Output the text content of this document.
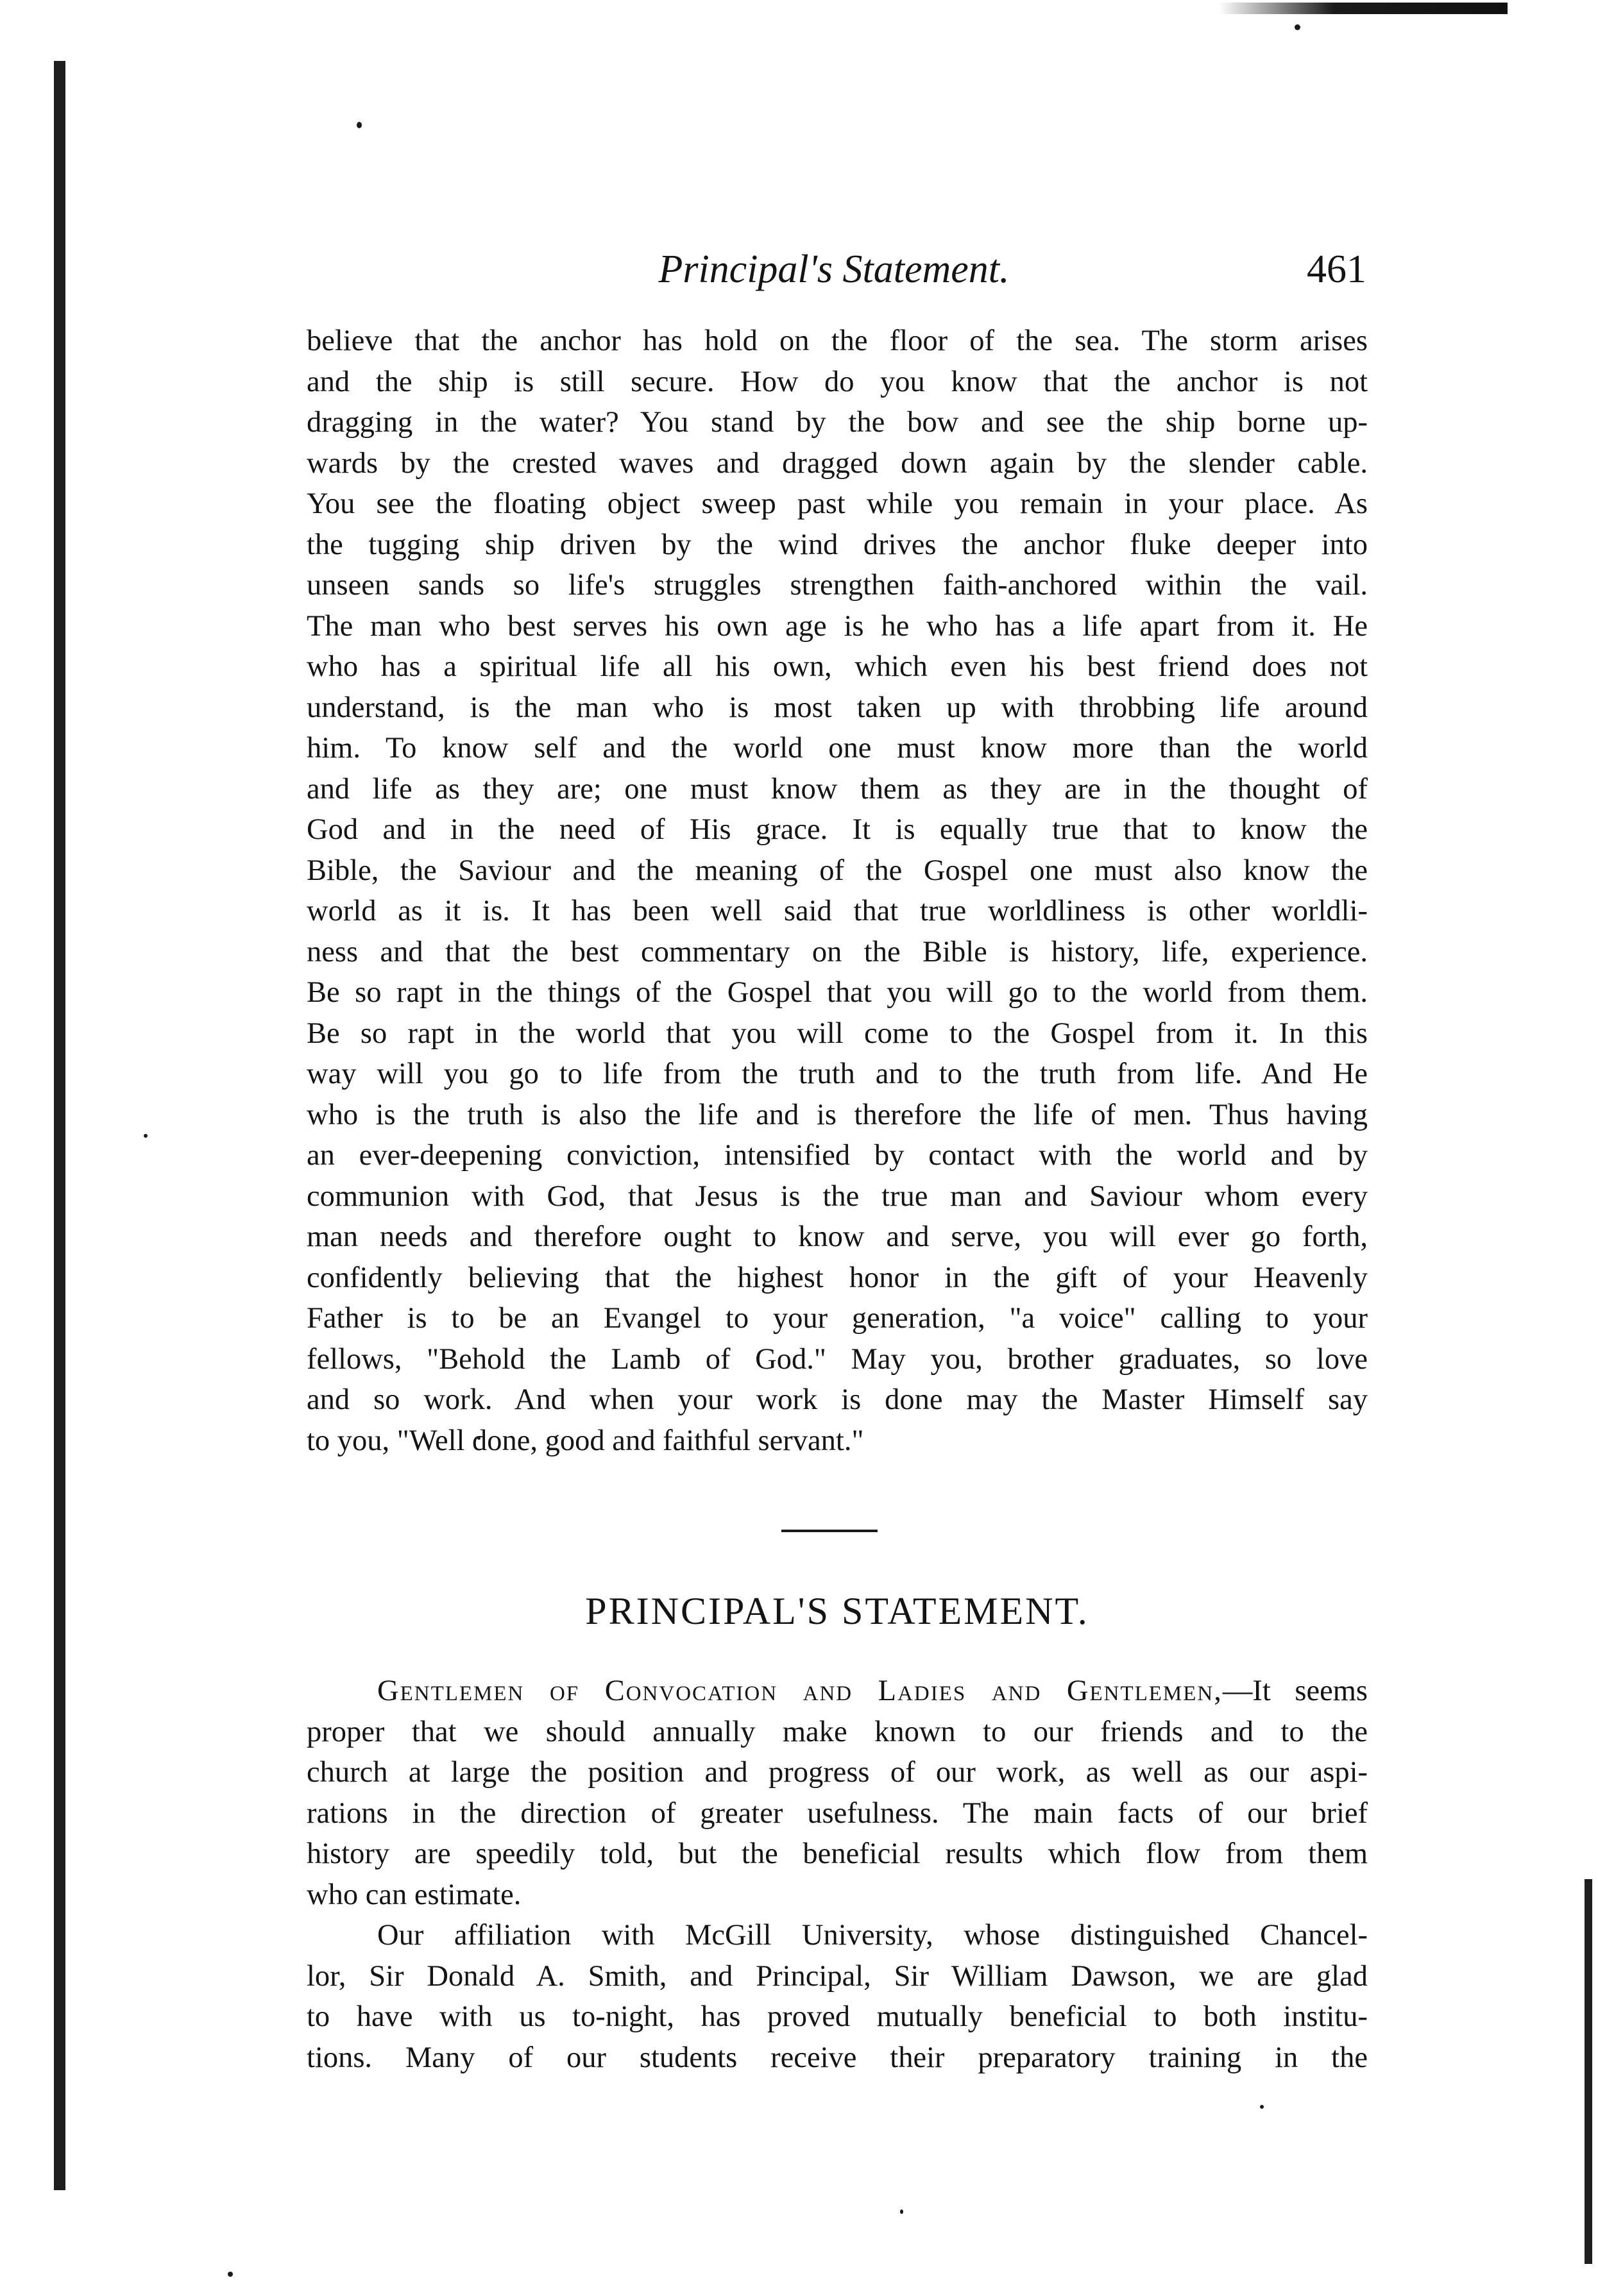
Principal's Statement.	461
believe that the anchor has hold on the floor of the sea. The storm arises
and the ship is still secure. How do you know that the anchor is not
dragging in the water? You stand by the bow and see the ship borne up-
wards by the crested waves and dragged down again by the slender cable.
You see the floating object sweep past while you remain in your place. As
the tugging ship driven by the wind drives the anchor fluke deeper into
unseen sands so life's struggles strengthen faith-anchored within the vail.
The man who best serves his own age is he who has a life apart from it. He
who has a spiritual life all his own, which even his best friend does not
understand, is the man who is most taken up with throbbing life around
him. To know self and the world one must know more than the world
and life as they are; one must know them as they are in the thought of
God and in the need of His grace. It is equally true that to know the
Bible, the Saviour and the meaning of the Gospel one must also know the
world as it is. It has been well said that true worldliness is other worldli-
ness and that the best commentary on the Bible is history, life, experience.
Be so rapt in the things of the Gospel that you will go to the world from them.
Be so rapt in the world that you will come to the Gospel from it. In this
way will you go to life from the truth and to the truth from life. And He
who is the truth is also the life and is therefore the life of men. Thus having
an ever-deepening conviction, intensified by contact with the world and by
communion with God, that Jesus is the true man and Saviour whom every
man needs and therefore ought to know and serve, you will ever go forth,
confidently believing that the highest honor in the gift of your Heavenly
Father is to be an Evangel to your generation, "a voice" calling to your
fellows, "Behold the Lamb of God." May you, brother graduates, so love
and so work. And when your work is done may the Master Himself say
to you, "Well done, good and faithful servant."
PRINCIPAL'S STATEMENT.
Gentlemen of Convocation and Ladies and Gentlemen,—It seems
proper that we should annually make known to our friends and to the
church at large the position and progress of our work, as well as our aspi-
rations in the direction of greater usefulness. The main facts of our brief
history are speedily told, but the beneficial results which flow from them
who can estimate.
Our affiliation with McGill University, whose distinguished Chancel-
lor, Sir Donald A. Smith, and Principal, Sir William Dawson, we are glad
to have with us to-night, has proved mutually beneficial to both institu-
tions. Many of our students receive their preparatory training in the
